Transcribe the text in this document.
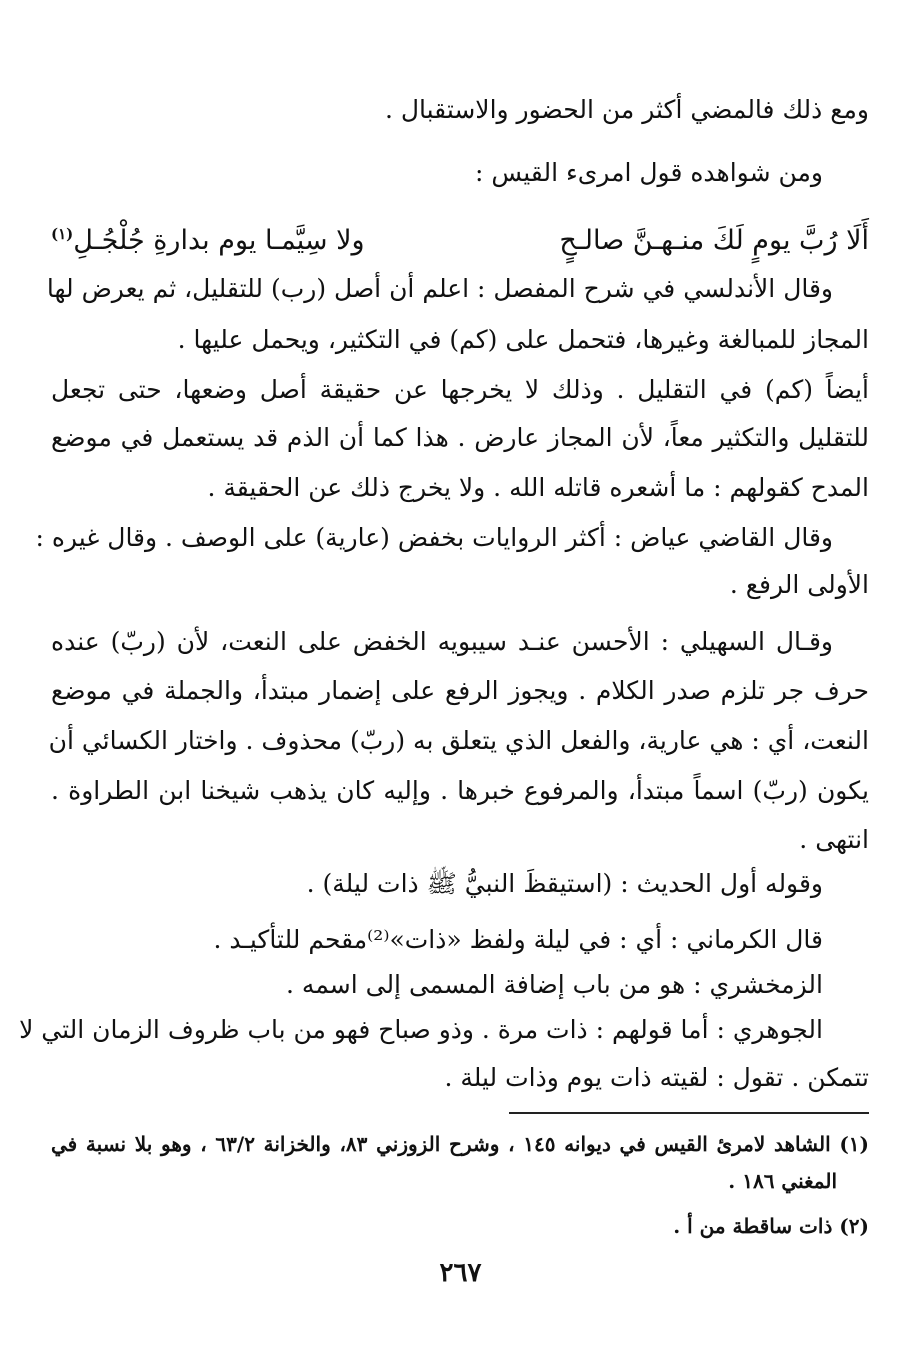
ومع ذلك فالمضي أكثر من الحضور والاستقبال .
ومن شواهده قول امرىء القيس :
أَلَا رُبَّ يومٍ لَكَ منـهـنَّ صالـحٍ
ولا سِيَّمـا يوم بدارةِ جُلْجُـلِ$^{(١)}$
وقال الأندلسي في شرح المفصل : اعلم أن أصل (رب) للتقليل، ثم يعرض لها
المجاز للمبالغة وغيرها، فتحمل على (كم) في التكثير، ويحمل عليها .
أيضاً (كم) في التقليل . وذلك لا يخرجها عن حقيقة أصل وضعها، حتى تجعل
للتقليل والتكثير معاً، لأن المجاز عارض . هذا كما أن الذم قد يستعمل في موضع
المدح كقولهم : ما أشعره قاتله الله . ولا يخرج ذلك عن الحقيقة .
وقال القاضي عياض : أكثر الروايات بخفض (عارية) على الوصف . وقال غيره :
الأولى الرفع .
وقـال السهيلي : الأحسن عنـد سيبويه الخفض على النعت، لأن (ربّ) عنده
حرف جر تلزم صدر الكلام . ويجوز الرفع على إضمار مبتدأ، والجملة في موضع
النعت، أي : هي عارية، والفعل الذي يتعلق به (ربّ) محذوف . واختار الكسائي أن
يكون (ربّ) اسماً مبتدأ، والمرفوع خبرها . وإليه كان يذهب شيخنا ابن الطراوة .
انتهى .
وقوله أول الحديث : (استيقظَ النبيُّ ﷺ ذات ليلة) .
قال الكرماني : أي : في ليلة ولفظ «ذات»⁽²⁾مقحم للتأكيـد .
الزمخشري : هو من باب إضافة المسمى إلى اسمه .
الجوهري : أما قولهم : ذات مرة . وذو صباح فهو من باب ظروف الزمان التي لا
تتمكن . تقول : لقيته ذات يوم وذات ليلة .
(١) الشاهد لامرئ القيس في ديوانه ١٤٥ ، وشرح الزوزني ٨٣، والخزانة ٦٣/٢ ، وهو بلا نسبة في
المغني ١٨٦ .
(٢) ذات ساقطة من أ .
٢٦٧
